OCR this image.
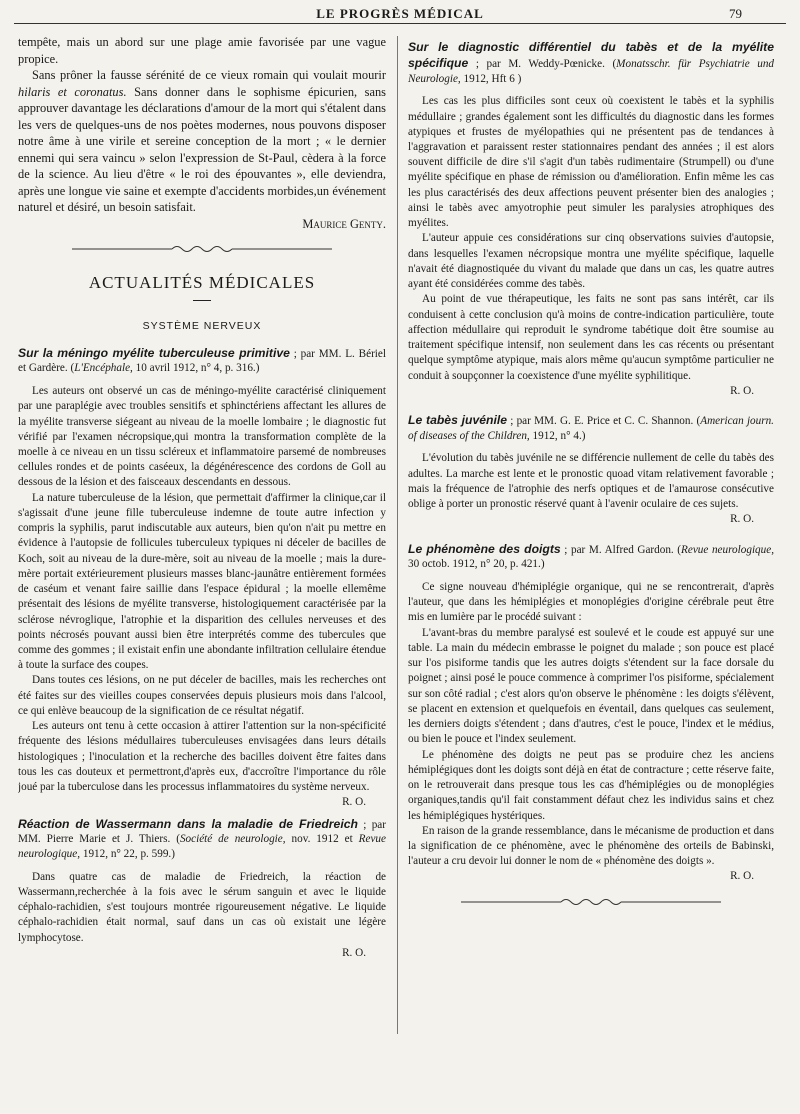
LE PROGRÈS MÉDICAL	79

tempête, mais un abord sur une plage amie favorisée par une vague propice.

Sans prôner la fausse sérénité de ce vieux romain qui voulait mourir hilaris et coronatus. Sans donner dans le sophisme épicurien, sans approuver davantage les déclarations d'amour de la mort qui s'étalent dans les vers de quelques-uns de nos poètes modernes, nous pouvons disposer notre âme à une virile et sereine conception de la mort ; « le dernier ennemi qui sera vaincu » selon l'expression de St-Paul, cèdera à la force de la science. Au lieu d'être « le roi des épouvantes », elle deviendra, après une longue vie saine et exempte d'accidents morbides,un événement naturel et désiré, un besoin satisfait.

Maurice Genty.
ACTUALITÉS MÉDICALES
SYSTÈME NERVEUX

Sur la méningo myélite tuberculeuse primitive ; par MM. L. Bériel et Gardère. (L'Encéphale, 10 avril 1912, n° 4, p. 316.)

Les auteurs ont observé un cas de méningo-myélite caractérisé cliniquement par une paraplégie avec troubles sensitifs et sphinctériens affectant les allures de la myélite transverse siégeant au niveau de la moelle lombaire ; le diagnostic fut vérifié par l'examen nécropsique,qui montra la transformation complète de la moelle à ce niveau en un tissu scléreux et inflammatoire parsemé de nombreuses cellules rondes et de points caséeux, la dégénérescence des cordons de Goll au dessous de la lésion et des faisceaux descendants en dessous.

La nature tuberculeuse de la lésion, que permettait d'affirmer la clinique,car il s'agissait d'une jeune fille tuberculeuse indemne de toute autre infection y compris la syphilis, parut indiscutable aux auteurs, bien qu'on n'ait pu mettre en évidence à l'autopsie de follicules tuberculeux typiques ni déceler de bacilles de Koch, soit au niveau de la dure-mère, soit au niveau de la moelle ; mais la dure-mère portait extérieurement plusieurs masses blanc-jaunâtre entièrement formées de caséum et venant faire saillie dans l'espace épidural ; la moelle ellemême présentait des lésions de myélite transverse, histologiquement caractérisée par la sclérose névroglique, l'atrophie et la disparition des cellules nerveuses et des points nécrosés pouvant aussi bien être interprétés comme des tubercules que comme des gommes ; il existait enfin une abondante infiltration cellulaire étendue à toute la surface des coupes.

Dans toutes ces lésions, on ne put déceler de bacilles, mais les recherches ont été faites sur des vieilles coupes conservées depuis plusieurs mois dans l'alcool, ce qui enlève beaucoup de la signification de ce résultat négatif.

Les auteurs ont tenu à cette occasion à attirer l'attention sur la non-spécificité fréquente des lésions médullaires tuberculeuses envisagées dans leurs détails histologiques ; l'inoculation et la recherche des bacilles doivent être faites dans tous les cas douteux et permettront,d'après eux, d'accroître l'importance du rôle joué par la tuberculose dans les processus inflammatoires du système nerveux.

R. O.

Réaction de Wassermann dans la maladie de Friedreich ; par MM. Pierre Marie et J. Thiers. (Société de neurologie, nov. 1912 et Revue neurologique, 1912, n° 22, p. 599.)

Dans quatre cas de maladie de Friedreich, la réaction de Wassermann,recherchée à la fois avec le sérum sanguin et avec le liquide céphalo-rachidien, s'est toujours montrée rigoureusement négative. Le liquide céphalo-rachidien était normal, sauf dans un cas où existait une légère lymphocytose.

R. O.

Sur le diagnostic différentiel du tabès et de la myélite spécifique ; par M. Weddy-Pœnicke. (Monatsschr. für Psychiatrie und Neurologie, 1912, Hft 6 )

Les cas les plus difficiles sont ceux où coexistent le tabès et la syphilis médullaire ; grandes également sont les difficultés du diagnostic dans les formes atypiques et frustes de myélopathies qui ne présentent pas de tendances à l'aggravation et paraissent rester stationnaires pendant des années ; il est alors souvent difficile de dire s'il s'agit d'un tabès rudimentaire (Strumpell) ou d'une myélite spécifique en phase de rémission ou d'amélioration. Enfin même les cas les plus caractérisés des deux affections peuvent présenter bien des analogies ; ainsi le tabès avec amyotrophie peut simuler les paralysies atrophiques des myélites.

L'auteur appuie ces considérations sur cinq observations suivies d'autopsie, dans lesquelles l'examen nécropsique montra une myélite spécifique, laquelle n'avait été diagnostiquée du vivant du malade que dans un cas, les quatre autres ayant été considérées comme des tabès.

Au point de vue thérapeutique, les faits ne sont pas sans intérêt, car ils conduisent à cette conclusion qu'à moins de contre-indication particulière, toute affection médullaire qui reproduit le syndrome tabétique doit être soumise au traitement spécifique intensif, non seulement dans les cas récents ou présentant quelque symptôme atypique, mais alors même qu'aucun symptôme particulier ne conduit à soupçonner la coexistence d'une myélite syphilitique.

R. O.

Le tabès juvénile ; par MM. G. E. Price et C. C. Shannon. (American journ. of diseases of the Children, 1912, n° 4.)

L'évolution du tabès juvénile ne se différencie nullement de celle du tabès des adultes. La marche est lente et le pronostic quoad vitam relativement favorable ; mais la fréquence de l'atrophie des nerfs optiques et de l'amaurose consécutive oblige à porter un pronostic réservé quant à l'avenir oculaire de ces sujets.

R. O.

Le phénomène des doigts ; par M. Alfred Gardon. (Revue neurologique, 30 octob. 1912, n° 20, p. 421.)

Ce signe nouveau d'hémiplégie organique, qui ne se rencontrerait, d'après l'auteur, que dans les hémiplégies et monoplégies d'origine cérébrale peut être mis en lumière par le procédé suivant :

L'avant-bras du membre paralysé est soulevé et le coude est appuyé sur une table. La main du médecin embrasse le poignet du malade ; son pouce est placé sur l'os pisiforme tandis que les autres doigts s'étendent sur la face dorsale du poignet ; ainsi posé le pouce commence à comprimer l'os pisiforme, spécialement sur son côté radial ; c'est alors qu'on observe le phénomène : les doigts s'élèvent, se placent en extension et quelquefois en éventail, dans quelques cas seulement, les derniers doigts s'étendent ; dans d'autres, c'est le pouce, l'index et le médius, ou bien le pouce et l'index seulement.

Le phénomène des doigts ne peut pas se produire chez les anciens hémiplégiques dont les doigts sont déjà en état de contracture ; cette réserve faite, on le retrouverait dans presque tous les cas d'hémiplégies ou de monoplégies organiques,tandis qu'il fait constamment défaut chez les individus sains et chez les hémiplégiques hystériques.

En raison de la grande ressemblance, dans le mécanisme de production et dans la signification de ce phénomène, avec le phénomène des orteils de Babinski, l'auteur a cru devoir lui donner le nom de « phénomène des doigts ».

R. O.
